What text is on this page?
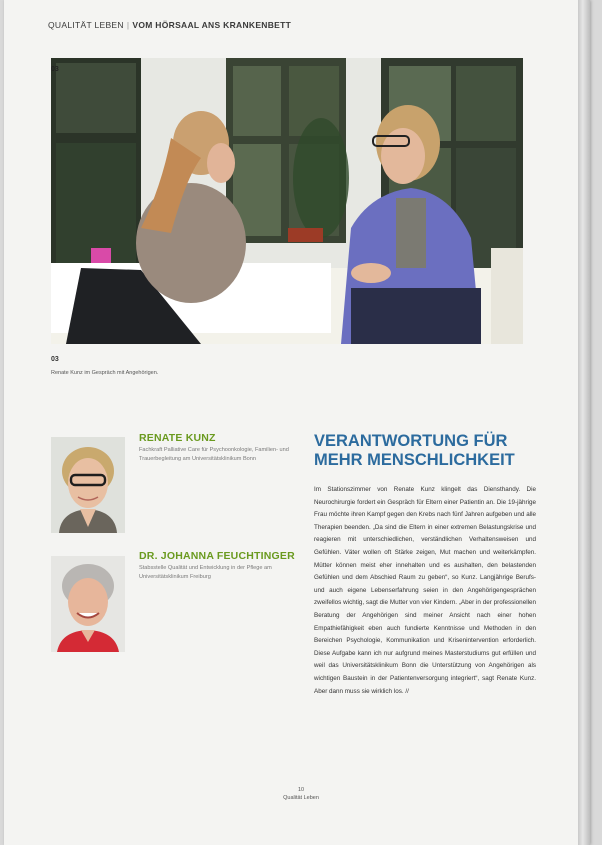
QUALITÄT LEBEN | VOM HÖRSAAL ANS KRANKENBETT
03
03
Renate Kunz im Gespräch mit Angehörigen.
RENATE KUNZ
Fachkraft Palliative Care für Psychoonkologie, Familien- und Trauerbegleitung am Universitätsklinikum Bonn
DR. JOHANNA FEUCHTINGER
Stabsstelle Qualität und Entwicklung in der Pflege am Universitätsklinikum Freiburg
VERANTWORTUNG FÜR MEHR MENSCHLICHKEIT
Im Stationszimmer von Renate Kunz klingelt das Diensthandy. Die Neurochirurgie fordert ein Gespräch für Eltern einer Patientin an. Die 19-jährige Frau möchte ihren Kampf gegen den Krebs nach fünf Jahren aufgeben und alle Therapien beenden. „Da sind die Eltern in einer extremen Belastungskrise und reagieren mit unterschiedlichen, verständlichen Verhaltensweisen und Gefühlen. Väter wollen oft Stärke zeigen, Mut machen und weiterkämpfen. Mütter können meist eher innehalten und es aushalten, den belastenden Gefühlen und dem Abschied Raum zu geben“, so Kunz. Langjährige Berufs- und auch eigene Lebenserfahrung seien in den Angehörigengesprächen zweifellos wichtig, sagt die Mutter von vier Kindern. „Aber in der professionellen Beratung der Angehörigen sind meiner Ansicht nach einer hohen Empathiefähigkeit eben auch fundierte Kenntnisse und Methoden in den Bereichen Psychologie, Kommunikation und Krisenintervention erforderlich. Diese Aufgabe kann ich nur aufgrund meines Masterstudiums gut erfüllen und weil das Universitätsklinikum Bonn die Unterstützung von Angehörigen als wichtigen Baustein in der Patientenversorgung integriert“, sagt Renate Kunz. Aber dann muss sie wirklich los. //
10
Qualität Leben
